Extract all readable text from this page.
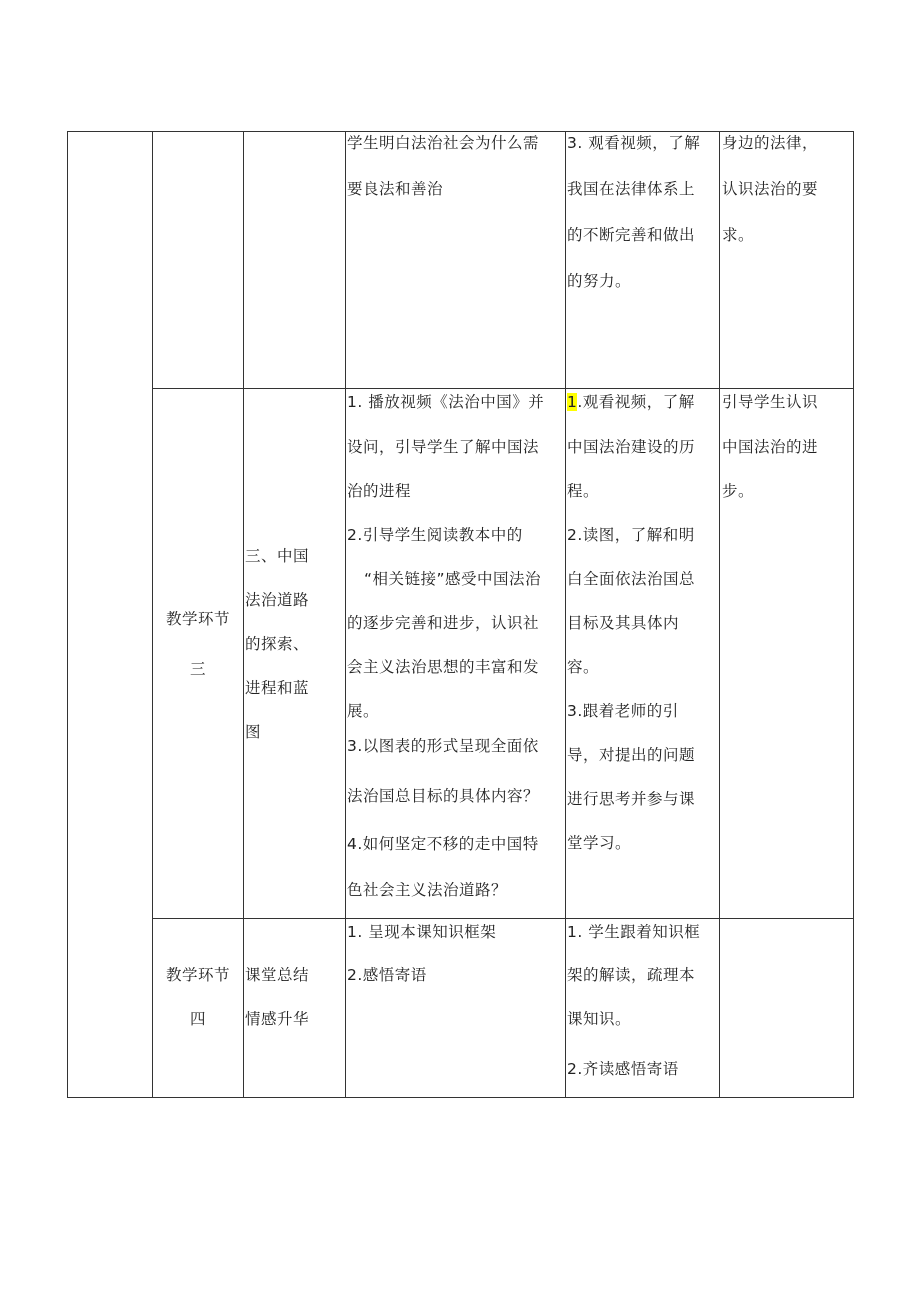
学生明白法治社会为什么需
要良法和善治
3. 观看视频，了解
我国在法律体系上
的不断完善和做出
的努力。
身边的法律，
认识法治的要
求。
教学环节
三
三、中国
法治道路
的探索、
进程和蓝
图
1. 播放视频《法治中国》并
设问，引导学生了解中国法
治的进程
2.引导学生阅读教本中的
“相关链接”感受中国法治
的逐步完善和进步，认识社
会主义法治思想的丰富和发
展。
3.以图表的形式呈现全面依
法治国总目标的具体内容？
4.如何坚定不移的走中国特
色社会主义法治道路？
1.观看视频，了解
中国法治建设的历
程。
2.读图，了解和明
白全面依法治国总
目标及其具体内
容。
3.跟着老师的引
导，对提出的问题
进行思考并参与课
堂学习。
引导学生认识
中国法治的进
步。
教学环节
四
课堂总结
情感升华
1. 呈现本课知识框架
2.感悟寄语
1. 学生跟着知识框
架的解读，疏理本
课知识。
2.齐读感悟寄语
